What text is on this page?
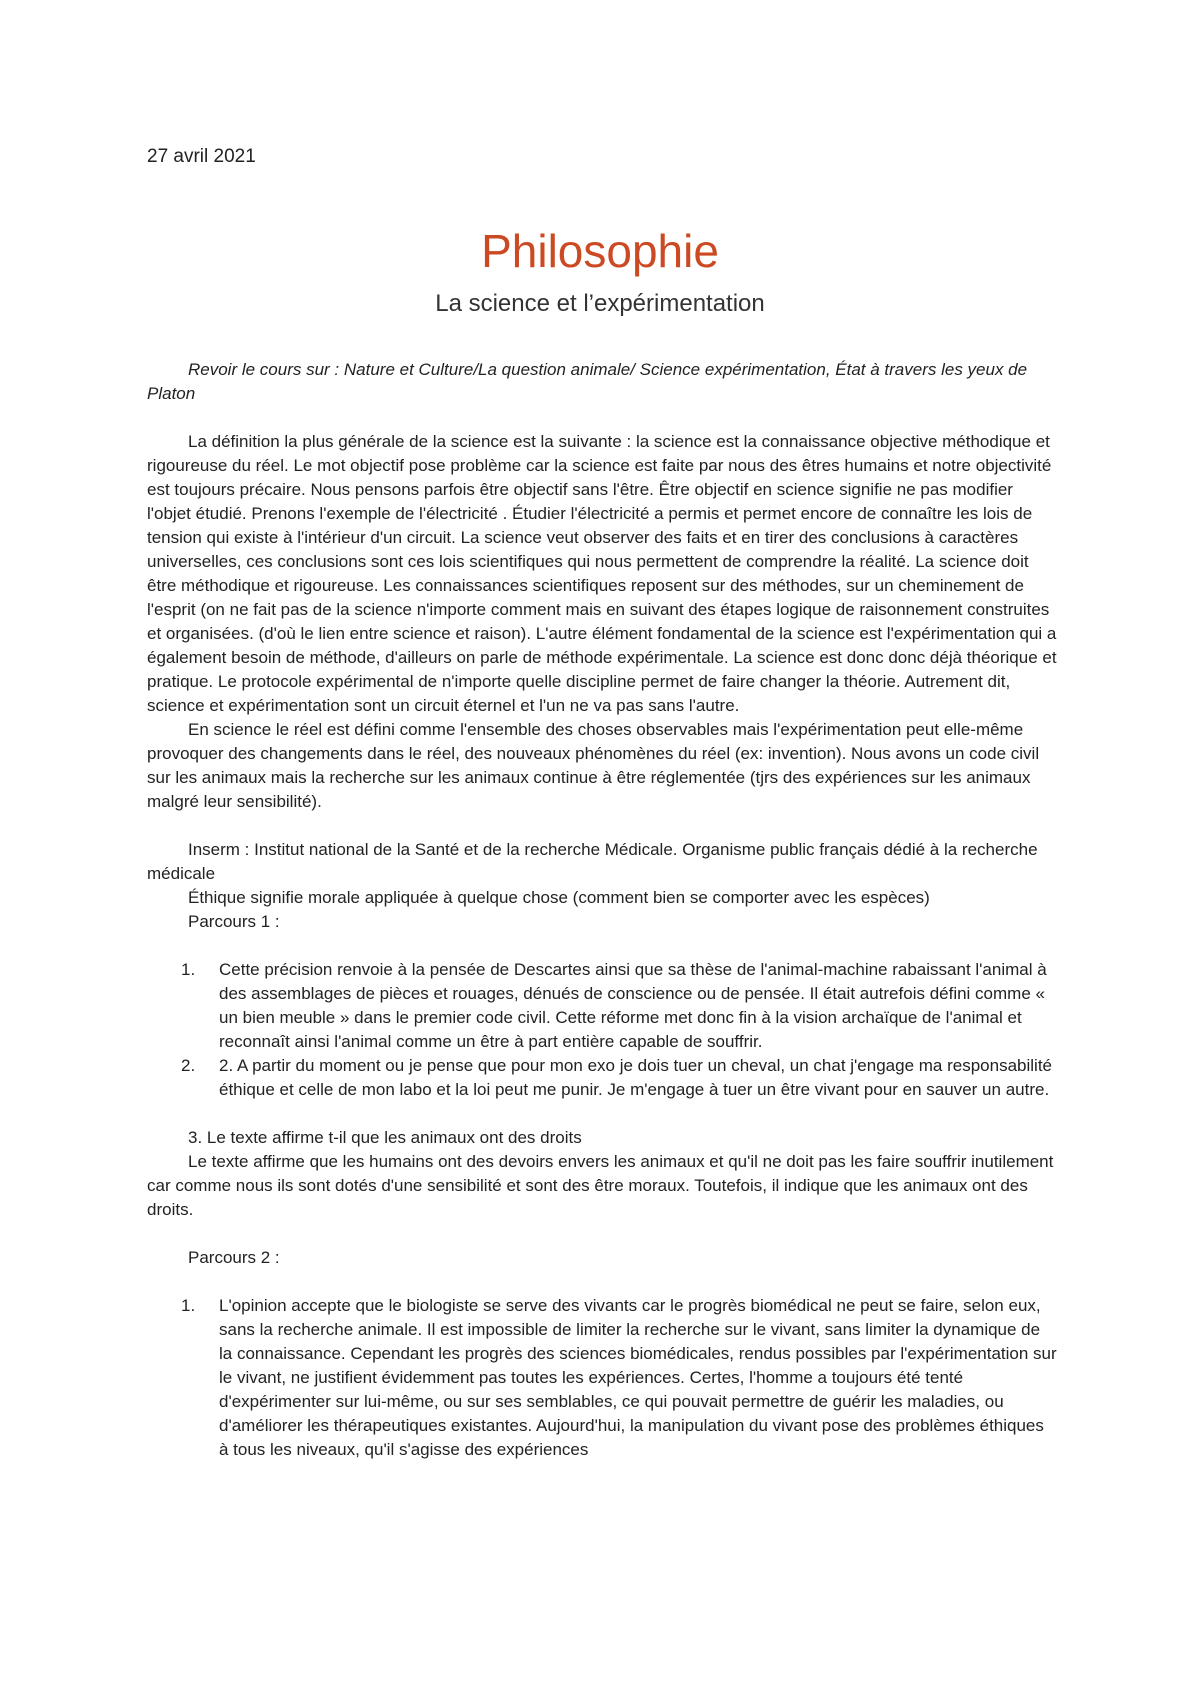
27 avril 2021
Philosophie
La science et l’expérimentation

Revoir le cours sur : Nature et Culture/La question animale/ Science expérimentation, État à travers les yeux de Platon

La définition la plus générale de la science est la suivante : la science est la connaissance objective méthodique et rigoureuse du réel. Le mot objectif pose problème car la science est faite par nous des êtres humains et notre objectivité est toujours précaire. Nous pensons parfois être objectif sans l'être. Être objectif en science signifie ne pas modifier l'objet étudié. Prenons l'exemple de l'électricité . Étudier l'électricité a permis et permet encore de connaître les lois de tension qui existe à l'intérieur d'un circuit. La science veut observer des faits et en tirer des conclusions à caractères universelles, ces conclusions sont ces lois scientifiques qui nous permettent de comprendre la réalité. La science doit être méthodique et rigoureuse. Les connaissances scientifiques reposent sur des méthodes, sur un cheminement de l'esprit (on ne fait pas de la science n'importe comment mais en suivant des étapes logique de raisonnement construites et organisées. (d'où le lien entre science et raison). L'autre élément fondamental de la science est l'expérimentation qui a également besoin de méthode, d'ailleurs on parle de méthode expérimentale. La science est donc donc déjà théorique et pratique. Le protocole expérimental de n'importe quelle discipline permet de faire changer la théorie. Autrement dit, science et expérimentation sont un circuit éternel et l'un ne va pas sans l'autre.

En science le réel est défini comme l'ensemble des choses observables mais l'expérimentation peut elle-même provoquer des changements dans le réel, des nouveaux phénomènes du réel (ex: invention). Nous avons un code civil sur les animaux mais la recherche sur les animaux continue à être réglementée (tjrs des expériences sur les animaux malgré leur sensibilité).

Inserm : Institut national de la Santé et de la recherche Médicale. Organisme public français dédié à la recherche médicale

Éthique signifie morale appliquée à quelque chose (comment bien se comporter avec les espèces)

Parcours 1 :

1. Cette précision renvoie à la pensée de Descartes ainsi que sa thèse de l'animal-machine rabaissant l'animal à des assemblages de pièces et rouages, dénués de conscience ou de pensée. Il était autrefois défini comme « un bien meuble » dans le premier code civil. Cette réforme met donc fin à la vision archaïque de l'animal et reconnaît ainsi l'animal comme un être à part entière capable de souffrir.
2. 2. A partir du moment ou je pense que pour mon exo je dois tuer un cheval, un chat j'engage ma responsabilité éthique et celle de mon labo et la loi peut me punir. Je m'engage à tuer un être vivant pour en sauver un autre.

3. Le texte affirme t-il que les animaux ont des droits

Le texte affirme que les humains ont des devoirs envers les animaux et qu'il ne doit pas les faire souffrir inutilement car comme nous ils sont dotés d'une sensibilité et sont des être moraux. Toutefois, il indique que les animaux ont des droits.

Parcours 2 :

1. L'opinion accepte que le biologiste se serve des vivants car le progrès biomédical ne peut se faire, selon eux, sans la recherche animale. Il est impossible de limiter la recherche sur le vivant, sans limiter la dynamique de la connaissance. Cependant les progrès des sciences biomédicales, rendus possibles par l'expérimentation sur le vivant, ne justifient évidemment pas toutes les expériences. Certes, l'homme a toujours été tenté d'expérimenter sur lui-même, ou sur ses semblables, ce qui pouvait permettre de guérir les maladies, ou d'améliorer les thérapeutiques existantes. Aujourd'hui, la manipulation du vivant pose des problèmes éthiques à tous les niveaux, qu'il s'agisse des expériences
